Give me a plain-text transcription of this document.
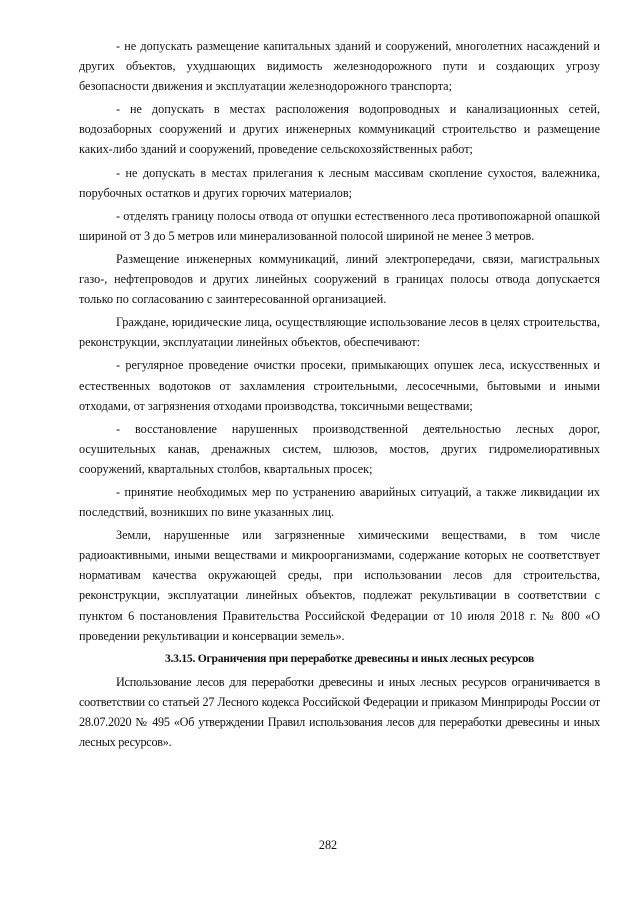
- не допускать размещение капитальных зданий и сооружений, многолетних насаждений и других объектов, ухудшающих видимость железнодорожного пути и создающих угрозу безопасности движения и эксплуатации железнодорожного транспорта;

- не допускать в местах расположения водопроводных и канализационных сетей, водозаборных сооружений и других инженерных коммуникаций строительство и размещение каких-либо зданий и сооружений, проведение сельскохозяйственных работ;

- не допускать в местах прилегания к лесным массивам скопление сухостоя, валежника, порубочных остатков и других горючих материалов;

- отделять границу полосы отвода от опушки естественного леса противопожарной опашкой шириной от 3 до 5 метров или минерализованной полосой шириной не менее 3 метров.

Размещение инженерных коммуникаций, линий электропередачи, связи, магистральных газо-, нефтепроводов и других линейных сооружений в границах полосы отвода допускается только по согласованию с заинтересованной организацией.

Граждане, юридические лица, осуществляющие использование лесов в целях строительства, реконструкции, эксплуатации линейных объектов, обеспечивают:

- регулярное проведение очистки просеки, примыкающих опушек леса, искусственных и естественных водотоков от захламления строительными, лесосечными, бытовыми и иными отходами, от загрязнения отходами производства, токсичными веществами;

- восстановление нарушенных производственной деятельностью лесных дорог, осушительных канав, дренажных систем, шлюзов, мостов, других гидромелиоративных сооружений, квартальных столбов, квартальных просек;

- принятие необходимых мер по устранению аварийных ситуаций, а также ликвидации их последствий, возникших по вине указанных лиц.

Земли, нарушенные или загрязненные химическими веществами, в том числе радиоактивными, иными веществами и микроорганизмами, содержание которых не соответствует нормативам качества окружающей среды, при использовании лесов для строительства, реконструкции, эксплуатации линейных объектов, подлежат рекультивации в соответствии с пунктом 6 постановления Правительства Российской Федерации от 10 июля 2018 г. № 800 «О проведении рекультивации и консервации земель».

3.3.15. Ограничения при переработке древесины и иных лесных ресурсов

Использование лесов для переработки древесины и иных лесных ресурсов ограничивается в соответствии со статьей 27 Лесного кодекса Российской Федерации и приказом Минприроды России от 28.07.2020 № 495 «Об утверждении Правил использования лесов для переработки древесины и иных лесных ресурсов».

282
